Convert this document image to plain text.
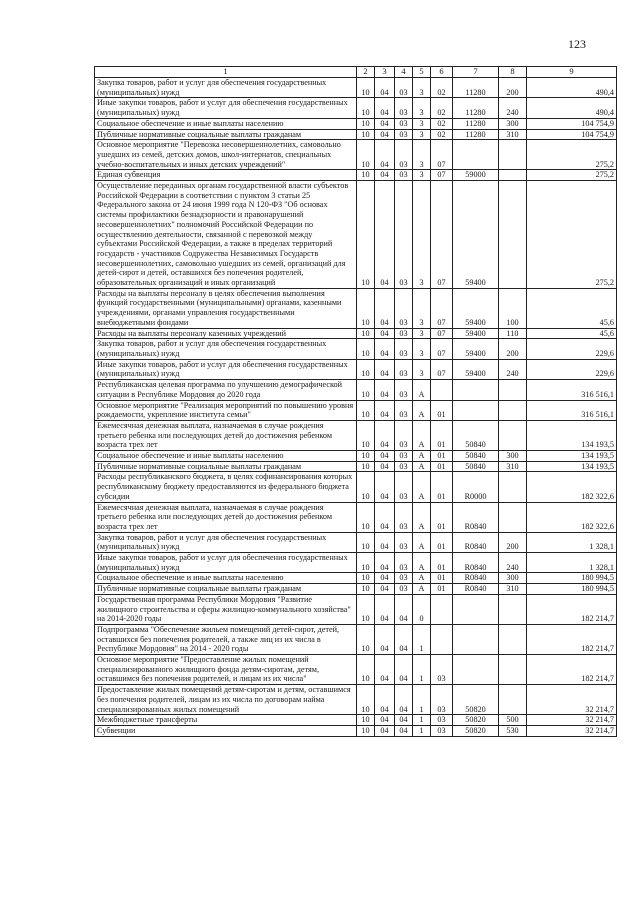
123
1	2	3	4	5	6	7	8	9
Закупка товаров, работ и услуг для обеспечения государственных (муниципальных) нужд	10	04	03	3	02	11280	200	490,4
Иные закупки товаров, работ и услуг для обеспечения государственных (муниципальных) нужд	10	04	03	3	02	11280	240	490,4
Социальное обеспечение и иные выплаты населению	10	04	03	3	02	11280	300	104 754,9
Публичные нормативные социальные выплаты гражданам	10	04	03	3	02	11280	310	104 754,9
Основное мероприятие "Перевозка несовершеннолетних, самовольно ушедших из семей, детских домов, школ-интернатов, специальных учебно-воспитательных и иных детских учреждений"	10	04	03	3	07			275,2
Единая субвенция	10	04	03	3	07	59000		275,2
Осуществление переданных органам государственной власти субъектов Российской Федерации в соответствии с пунктом 3 статьи 25 Федерального закона от 24 июня 1999 года N 120-ФЗ "Об основах системы профилактики безнадзорности и правонарушений несовершеннолетних" полномочий Российской Федерации по осуществлению деятельности, связанной с перевозкой между субъектами Российской Федерации, а также в пределах территорий государств - участников Содружества Независимых Государств несовершеннолетних, самовольно ушедших из семей, организаций для детей-сирот и детей, оставшихся без попечения родителей, образовательных организаций и иных организаций	10	04	03	3	07	59400		275,2
Расходы на выплаты персоналу в целях обеспечения выполнения функций государственными (муниципальными) органами, казенными учреждениями, органами управления государственными внебюджетными фондами	10	04	03	3	07	59400	100	45,6
Расходы на выплаты персоналу казенных учреждений	10	04	03	3	07	59400	110	45,6
Закупка товаров, работ и услуг для обеспечения государственных (муниципальных) нужд	10	04	03	3	07	59400	200	229,6
Иные закупки товаров, работ и услуг для обеспечения государственных (муниципальных) нужд	10	04	03	3	07	59400	240	229,6
Республиканская целевая программа по улучшению демографической ситуации в Республике Мордовия до 2020 года	10	04	03	А				316 516,1
Основное мероприятие "Реализация мероприятий по повышению уровня рождаемости, укрепление института семьи"	10	04	03	А	01			316 516,1
Ежемесячная денежная выплата, назначаемая в случае рождения третьего ребенка или последующих детей до достижения ребенком возраста трех лет	10	04	03	А	01	50840		134 193,5
Социальное обеспечение и иные выплаты населению	10	04	03	А	01	50840	300	134 193,5
Публичные нормативные социальные выплаты гражданам	10	04	03	А	01	50840	310	134 193,5
Расходы республиканского бюджета, в целях софинансирования которых республиканскому бюджету предоставляются из федерального бюджета субсидии	10	04	03	А	01	R0000		182 322,6
Ежемесячная денежная выплата, назначаемая в случае рождения третьего ребенка или последующих детей до достижения ребенком возраста трех лет	10	04	03	А	01	R0840		182 322,6
Закупка товаров, работ и услуг для обеспечения государственных (муниципальных) нужд	10	04	03	А	01	R0840	200	1 328,1
Иные закупки товаров, работ и услуг для обеспечения государственных (муниципальных) нужд	10	04	03	А	01	R0840	240	1 328,1
Социальное обеспечение и иные выплаты населению	10	04	03	А	01	R0840	300	180 994,5
Публичные нормативные социальные выплаты гражданам	10	04	03	А	01	R0840	310	180 994,5
Государственная программа Республики Мордовия "Развитие жилищного строительства и сферы жилищно-коммунального хозяйства" на 2014-2020 годы	10	04	04	0				182 214,7
Подпрограмма "Обеспечение жильем помещений детей-сирот, детей, оставшихся без попечения родителей, а также лиц из их числа в Республике Мордовия" на 2014 - 2020 годы	10	04	04	1				182 214,7
Основное мероприятие "Предоставление жилых помещений специализированного жилищного фонда детям-сиротам, детям, оставшимся без попечения родителей, и лицам из их числа"	10	04	04	1	03			182 214,7
Предоставление жилых помещений детям-сиротам и детям, оставшимся без попечения родителей, лицам из их числа по договорам найма специализированных жилых помещений	10	04	04	1	03	50820		32 214,7
Межбюджетные трансферты	10	04	04	1	03	50820	500	32 214,7
Субвенции	10	04	04	1	03	50820	530	32 214,7
